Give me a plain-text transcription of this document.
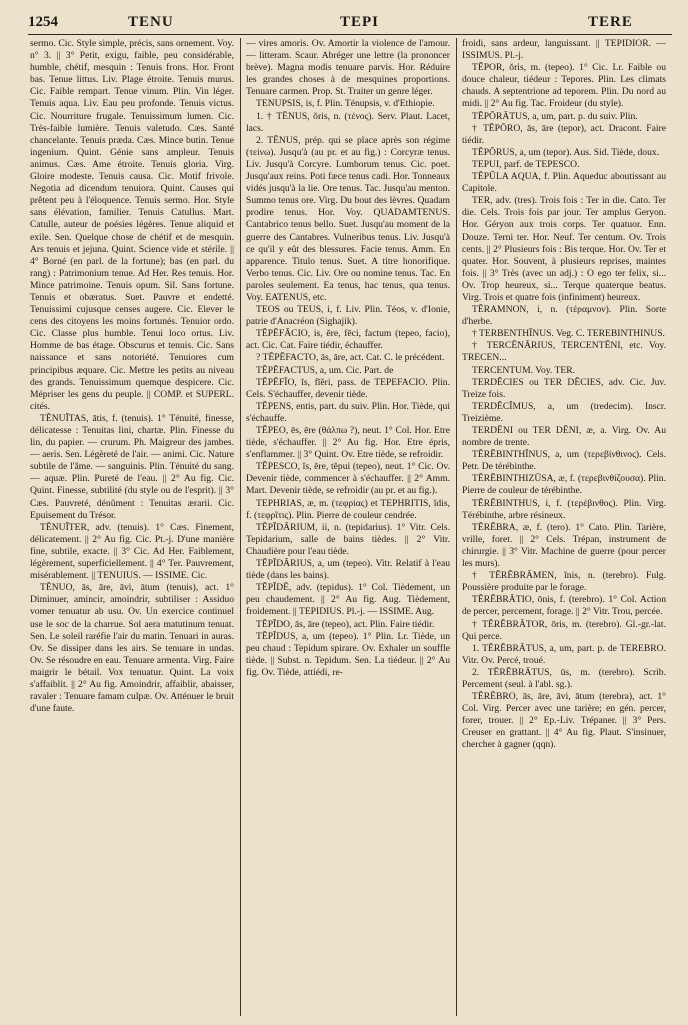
1254	TENU	TEPI	TERE

sermo. Cic. Style simple, précis, sans ornement. Voy. n° 3. || 3° Petit, exigu, faible, peu considérable, humble, chétif, mesquin : Tenuis frons. Hor. Front bas. Tenue littus. Liv. Plage étroite. Tenuis murus. Cic. Faible rempart. Tenue vinum. Plin. Vin léger. Tenuis aqua. Liv. Eau peu profonde. Tenuis victus. Cic. Nourriture frugale. Tenuissimum lumen. Cic. Très-faible lumière. Tenuis valetudo. Cæs. Santé chancelante. Tenuis præda. Cæs. Mince butin. Tenue ingenium. Quint. Génie sans ampleur. Tenuis animus. Cæs. Ame étroite. Tenuis gloria. Virg. Gloire modeste. Tenuis causa. Cic. Motif frivole. Negotia ad dicendum tenuiora. Quint. Causes qui prêtent peu à l'éloquence. Tenuis sermo. Hor. Style sans élévation, familier. Tenuis Catullus. Mart. Catulle, auteur de poésies légères. Tenue aliquid et exile. Sen. Quelque chose de chétif et de mesquin. Ars tenuis et jejuna. Quint. Science vide et stérile. || 4° Borné (en parl. de la fortune); bas (en parl. du rang) : Patrimonium tenue. Ad Her. Res tenuis. Hor. Mince patrimoine. Tenuis opum. Sil. Sans fortune. Tenuis et obæratus. Suet. Pauvre et endetté. Tenuissimi cujusque censes augere. Cic. Elever le cens des citoyens les moins fortunés. Tenuior ordo. Cic. Classe plus humble. Tenui loco ortus. Liv. Homme de bas étage. Obscurus et tenuis. Cic. Sans naissance et sans notoriété. Tenuiores cum principibus æquare. Cic. Mettre les petits au niveau des grands. Tenuissimum quemque despicere. Cic. Mépriser les gens du peuple. || COMP. et SUPERL. cités.

TĔNUĬTAS, ātis, f. (tenuis). 1° Ténuité, finesse, délicatesse : Tenuitas lini, chartæ. Plin. Finesse du lin, du papier. — crurum. Ph. Maigreur des jambes. — aeris. Sen. Légèreté de l'air. — animi. Cic. Nature subtile de l'âme. — sanguinis. Plin. Ténuité du sang. — aquæ. Plin. Pureté de l'eau. || 2° Au fig. Cic. Quint. Finesse, subtilité (du style ou de l'esprit). || 3° Cæs. Pauvreté, dénûment : Tenuitas ærarii. Cic. Epuisement du Trésor.

TĔNUĬTER, adv. (tenuis). 1° Cæs. Finement, délicatement. || 2° Au fig. Cic. Pt.-j. D'une manière fine, subtile, exacte. || 3° Cic. Ad Her. Faiblement, légèrement, superficiellement. || 4° Ter. Pauvrement, misérablement. || TENUIUS. — ISSIME. Cic.

TĔNUO, ās, āre, āvi, ātum (tenuis), act. 1° Diminuer, amincir, amoindrir, subtiliser : Assiduo vomer tenuatur ab usu. Ov. Un exercice continuel use le soc de la charrue. Sol aera matutinum tenuat. Sen. Le soleil raréfie l'air du matin. Tenuari in auras. Ov. Se dissiper dans les airs. Se tenuare in undas. Ov. Se résoudre en eau. Tenuare armenta. Virg. Faire maigrir le bétail. Vox tenuatur. Quint. La voix s'affaiblit. || 2° Au fig. Amoindrir, affaiblir, abaisser, ravaler : Tenuare famam culpæ. Ov. Atténuer le bruit d'une faute.

— vires amoris. Ov. Amortir la violence de l'amour. — litteram. Scaur. Abréger une lettre (la prononcer brève). Magna modis tenuare parvis. Hor. Réduire les grandes choses à de mesquines proportions. Tenuare carmen. Prop. St. Traiter un genre léger.

TENUPSIS, is, f. Plin. Ténupsis, v. d'Ethiopie.

1. † TĒNUS, ŏris, n. (τένος). Serv. Plaut. Lacet, lacs.

2. TĒNUS, prép. qui se place après son régime (τείνω). Jusqu'à (au pr. et au fig.) : Corcyræ tenus. Liv. Jusqu'à Corcyre. Lumborum tenus. Cic. poet. Jusqu'aux reins. Poti fæce tenus cadi. Hor. Tonneaux vidés jusqu'à la lie. Ore tenus. Tac. Jusqu'au menton. Summo tenus ore. Virg. Du bout des lèvres. Quadam prodire tenus. Hor. Voy. QUADAMTENUS. Cantabrico tenus bello. Suet. Jusqu'au moment de la guerre des Cantabres. Vulneribus tenus. Liv. Jusqu'à ce qu'il y eût des blessures. Facie tenus. Amm. En apparence. Titulo tenus. Suet. A titre honorifique. Verbo tenus. Cic. Liv. Ore ou nomine tenus. Tac. En paroles seulement. Ea tenus, hac tenus, qua tenus. Voy. EATENUS, etc.

TEOS ou TEUS, i, f. Liv. Plin. Téos, v. d'Ionie, patrie d'Anacréon (Sighajik).

TĔPĔFĂCIO, is, ĕre, fēci, factum (tepeo, facio), act. Cic. Cat. Faire tiédir, échauffer.

? TĔPĔFACTO, ās, āre, act. Cat. C. le précédent.

TĔPĔFACTUS, a, um. Cic. Part. de

TĔPĔFĪO, ĭs, fĭĕri, pass. de TEPEFACIO. Plin. Cels. S'échauffer, devenir tiède.

TĔPENS, entis, part. du suiv. Plin. Hor. Tiède, qui s'échauffe.

TĔPEO, ēs, ēre (θάλπω ?), neut. 1° Col. Hor. Etre tiède, s'échauffer. || 2° Au fig. Hor. Etre épris, s'enflammer. || 3° Quint. Ov. Etre tiède, se refroidir.

TĔPESCO, ĭs, ĕre, tĕpui (tepeo), neut. 1° Cic. Ov. Devenir tiède, commencer à s'échauffer. || 2° Amm. Mart. Devenir tiède, se refroidir (au pr. et au fig.).

TEPHRIAS, æ, m. (τεφρίας) et TEPHRITIS, ĭdis, f. (τεφρῖτις). Plin. Pierre de couleur cendrée.

TĔPĬDĀRIUM, ii, n. (tepidarius). 1° Vitr. Cels. Tepidarium, salle de bains tièdes. || 2° Vitr. Chaudière pour l'eau tiède.

TĔPĬDĀRIUS, a, um (tepeo). Vitr. Relatif à l'eau tiède (dans les bains).

TĔPĬDĒ, adv. (tepidus). 1° Col. Tièdement, un peu chaudement. || 2° Au fig. Aug. Tièdement, froidement. || TEPIDIUS. Pl.-j. — ISSIME. Aug.

TĔPĬDO, ās, āre (tepeo), act. Plin. Faire tiédir.

TĔPĬDUS, a, um (tepeo). 1° Plin. Lr. Tiède, un peu chaud : Tepidum spirare. Ov. Exhaler un souffle tiède. || Subst. n. Tepidum. Sen. La tiédeur. || 2° Au fig. Ov. Tiède, attiédi, re-

froidi, sans ardeur, languissant. || TEPIDIOR. — ISSIMUS. Pl.-j.

TĔPOR, ŏris, m. (tepeo). 1° Cic. Lr. Faible ou douce chaleur, tiédeur : Tepores. Plin. Les climats chauds. A septentrione ad teporem. Plin. Du nord au midi. || 2° Au fig. Tac. Froideur (du style).

TĔPŌRĀTUS, a, um, part. p. du suiv. Plin.

† TĔPŌRO, ās, āre (tepor), act. Dracont. Faire tiédir.

TĔPŌRUS, a, um (tepor). Aus. Sid. Tiède, doux.

TEPUI, parf. de TEPESCO.

TĔPŬLA AQUA, f. Plin. Aqueduc aboutissant au Capitole.

TER, adv. (tres). Trois fois : Ter in die. Cato. Ter die. Cels. Trois fois par jour. Ter amplus Geryon. Hor. Géryon aux trois corps. Ter quatuor. Enn. Douze. Terni ter. Hor. Neuf. Ter centum. Ov. Trois cents. || 2° Plusieurs fois : Bis terque. Hor. Ov. Ter et quater. Hor. Souvent, à plusieurs reprises, maintes fois. || 3° Très (avec un adj.) : O ego ter felix, si... Ov. Trop heureux, si... Terque quaterque beatus. Virg. Trois et quatre fois (infiniment) heureux.

TĔRAMNON, i, n. (τέραμνον). Plin. Sorte d'herbe.

† TERBENTHĪNUS. Veg. C. TEREBINTHINUS.

† TERCĒNĀRIUS, TERCENTĒNI, etc. Voy. TRECEN...

TERCENTUM. Voy. TER.

TERDĔCIES ou TER DĔCIES, adv. Cic. Juv. Treize fois.

TERDĔCĬMUS, a, um (tredecim). Inscr. Treizième.

TERDĒNI ou TER DĒNI, æ, a. Virg. Ov. Au nombre de trente.

TĔRĔBINTHĬNUS, a, um (τερεβίνθινος). Cels. Petr. De térébinthe.

TĔRĔBINTHIZŪSA, æ, f. (τερεβινθίζουσα). Plin. Pierre de couleur de térébinthe.

TĔRĔBINTHUS, i, f. (τερέβινθος). Plin. Virg. Térébinthe, arbre résineux.

TĔRĔBRA, æ, f. (tero). 1° Cato. Plin. Tarière, vrille, foret. || 2° Cels. Trépan, instrument de chirurgie. || 3° Vitr. Machine de guerre (pour percer les murs).

† TĔRĔBRĀMEN, ĭnis, n. (terebro). Fulg. Poussière produite par le forage.

TĔRĔBRĀTIO, ōnis, f. (terebro). 1° Col. Action de percer, percement, forage. || 2° Vitr. Trou, percée.

† TĔRĔBRĀTOR, ōris, m. (terebro). Gl.-gr.-lat. Qui perce.

1. TĔRĔBRĀTUS, a, um, part. p. de TEREBRO. Vitr. Ov. Percé, troué.

2. TĔRĔBRĀTUS, ūs, m. (terebro). Scrib. Percement (seul. à l'abl. sg.).

TĔRĔBRO, ās, āre, āvi, ātum (terebra), act. 1° Col. Virg. Percer avec une tarière; en gén. percer, forer, trouer. || 2° Ep.-Liv. Trépaner. || 3° Pers. Creuser en grattant. || 4° Au fig. Plaut. S'insinuer, chercher à gagner (qqn).
